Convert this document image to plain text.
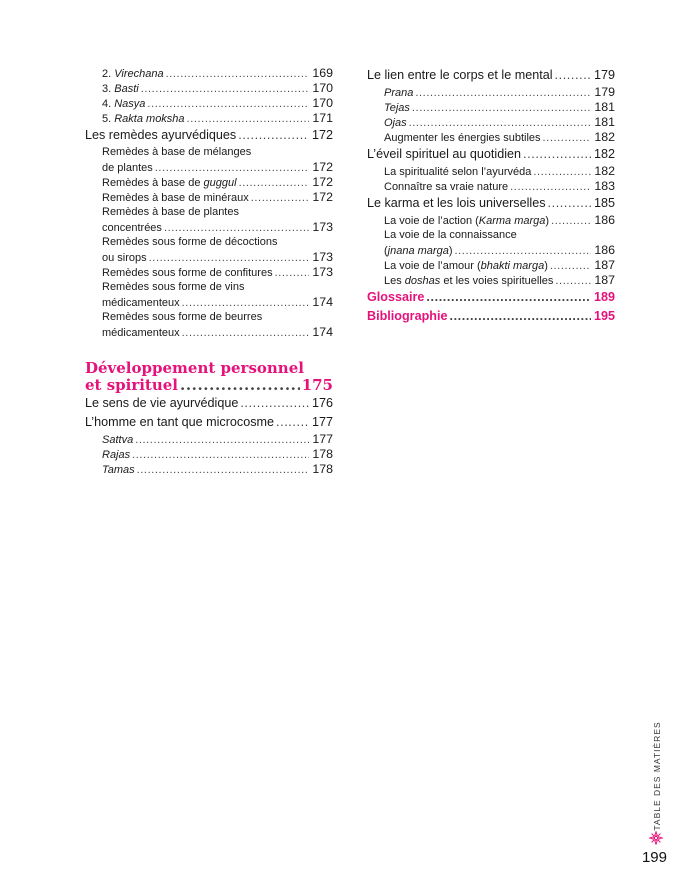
2. Virechana .....	169
3. Basti .....	170
4. Nasya .....	170
5. Rakta moksha .....	171
Les remèdes ayurvédiques .....	172
Remèdes à base de mélanges
de plantes .....	172
Remèdes à base de guggul .....	172
Remèdes à base de minéraux .....	172
Remèdes à base de plantes
concentrées .....	173
Remèdes sous forme de décoctions
ou sirops .....	173
Remèdes sous forme de confitures .....	173
Remèdes sous forme de vins
médicamenteux .....	174
Remèdes sous forme de beurres
médicamenteux .....	174
Développement personnel
et spirituel .....	175
Le sens de vie ayurvédique .....	176
L’homme en tant que microcosme .....	177
Sattva .....	177
Rajas .....	178
Tamas .....	178
Le lien entre le corps et le mental .....	179
Prana .....	179
Tejas .....	181
Ojas .....	181
Augmenter les énergies subtiles .....	182
L’éveil spirituel au quotidien .....	182
La spiritualité selon l’ayurvéda .....	182
Connaître sa vraie nature .....	183
Le karma et les lois universelles .....	185
La voie de l’action (Karma marga) .....	186
La voie de la connaissance
(jnana marga) .....	186
La voie de l’amour (bhakti marga) .....	187
Les doshas et les voies spirituelles .....	187
Glossaire .....	189
Bibliographie .....	195
TABLE DES MATIÈRES
199
